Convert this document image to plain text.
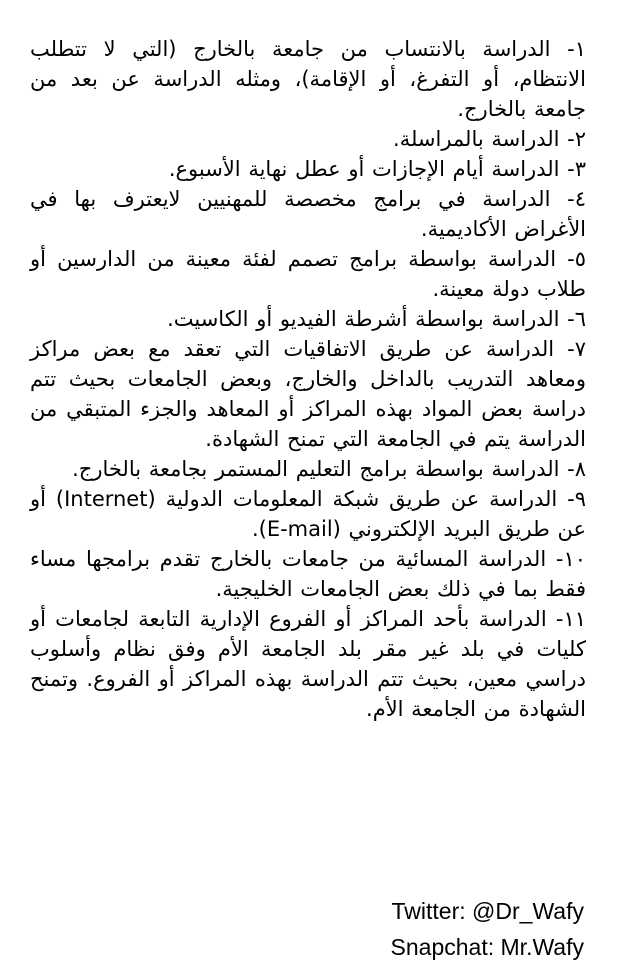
١- الدراسة بالانتساب من جامعة بالخارج (التي لا تتطلب الانتظام، أو التفرغ، أو الإقامة)، ومثله الدراسة عن بعد من جامعة بالخارج.

٢- الدراسة بالمراسلة.

٣- الدراسة أيام الإجازات أو عطل نهاية الأسبوع.

٤- الدراسة في برامج مخصصة للمهنيين لايعترف بها في الأغراض الأكاديمية.

٥- الدراسة بواسطة برامج تصمم لفئة معينة من الدارسين أو طلاب دولة معينة.

٦- الدراسة بواسطة أشرطة الفيديو أو الكاسيت.

٧- الدراسة عن طريق الاتفاقيات التي تعقد مع بعض مراكز ومعاهد التدريب بالداخل والخارج، وبعض الجامعات بحيث تتم دراسة بعض المواد بهذه المراكز أو المعاهد والجزء المتبقي من الدراسة يتم في الجامعة التي تمنح الشهادة.

٨- الدراسة بواسطة برامج التعليم المستمر بجامعة بالخارج.

٩- الدراسة عن طريق شبكة المعلومات الدولية (Internet) أو عن طريق البريد الإلكتروني (E-mail).

١٠- الدراسة المسائية من جامعات بالخارج تقدم برامجها مساء فقط بما في ذلك بعض الجامعات الخليجية.

١١- الدراسة بأحد المراكز أو الفروع الإدارية التابعة لجامعات أو كليات في بلد غير مقر بلد الجامعة الأم وفق نظام وأسلوب دراسي معين، بحيث تتم الدراسة بهذه المراكز أو الفروع. وتمنح الشهادة من الجامعة الأم.

Twitter: @Dr_Wafy
Snapchat: Mr.Wafy
